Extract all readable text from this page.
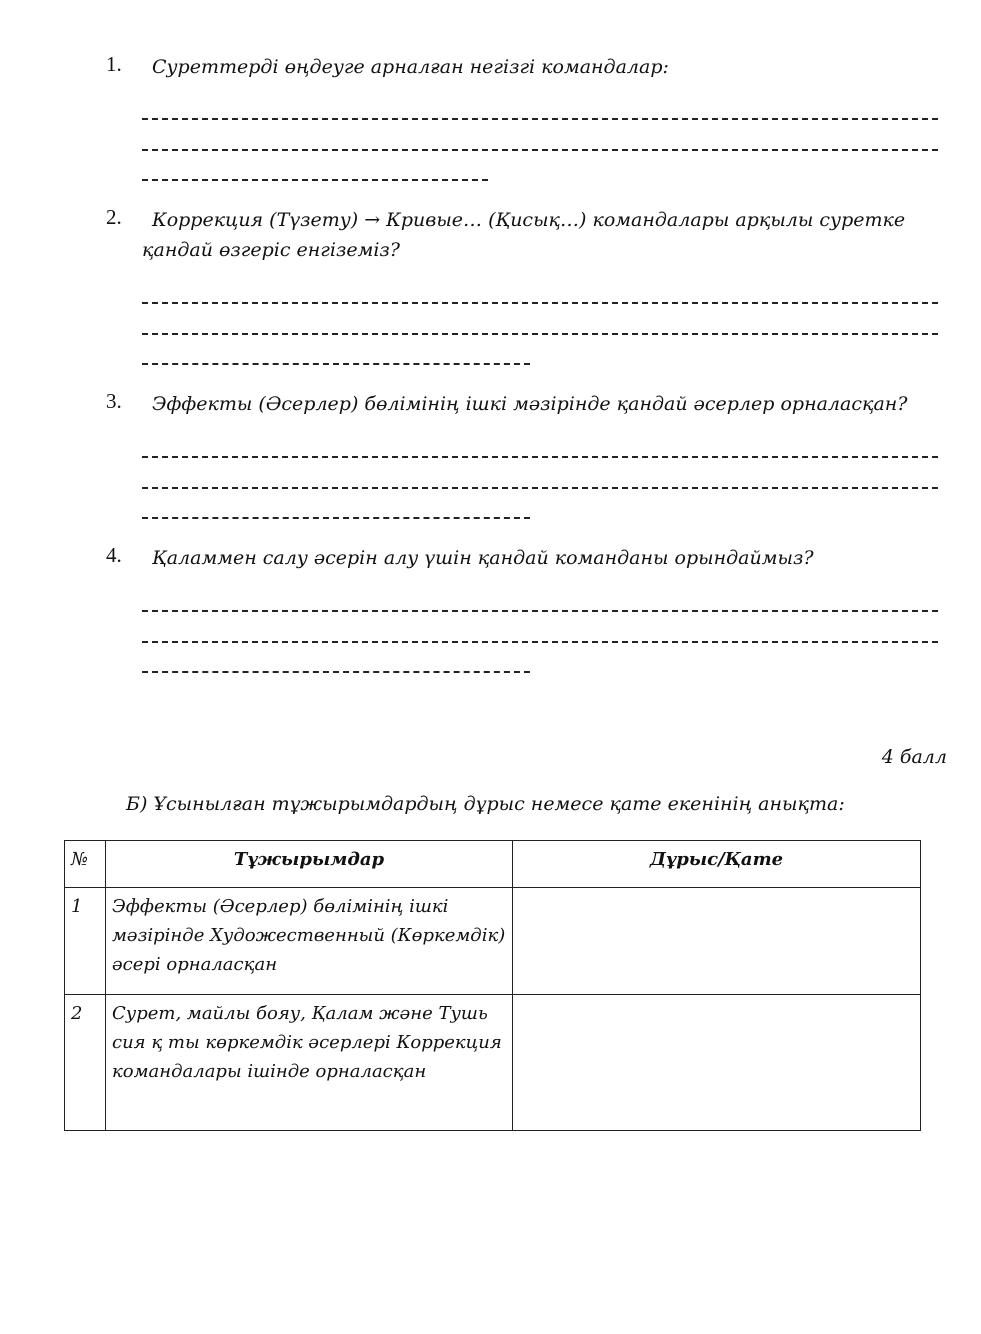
1.	Суреттерді өңдеуге арналған негізгі командалар:
2.	Коррекция (Түзету) → Кривые… (Қисық…) командалары арқылы суретке қандай өзгеріс енгіземіз?
3.	Эффекты (Әсерлер) бөлімінің ішкі мәзірінде қандай әсерлер орналасқан?
4.	Қаламмен салу әсерін алу үшін қандай команданы орындаймыз?
4 балл
Б) Ұсынылған тұжырымдардың дұрыс немесе қате екенінің анықта:
№	Тұжырымдар	Дұрыс/Қате
1	Эффекты (Әсерлер) бөлімінің ішкі мәзірінде Художественный (Көркемдік) әсері орналасқан	
2	Сурет, майлы бояу, Қалам және Тушь сия қ ты көркемдік әсерлері Коррекция командалары ішінде орналасқан	
